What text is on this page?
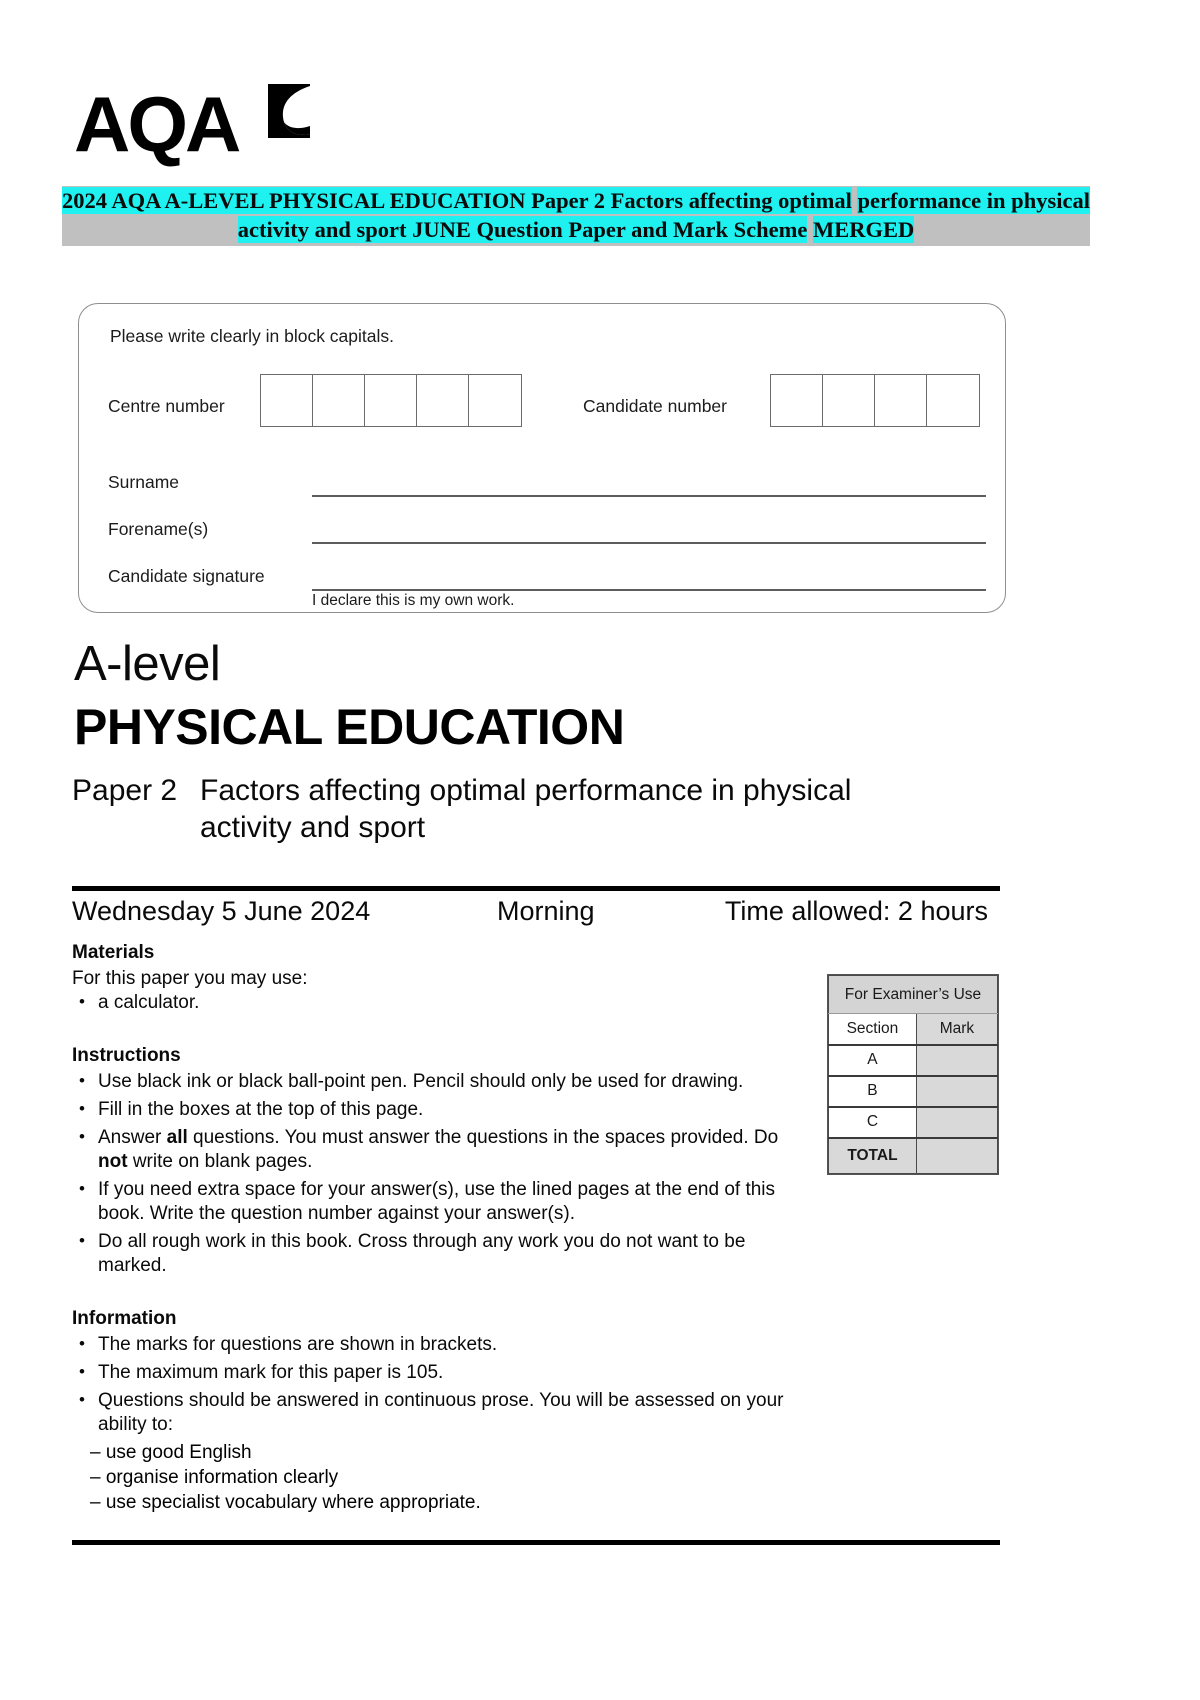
AQA
2024 AQA A-LEVEL PHYSICAL EDUCATION Paper 2 Factors affecting optimal performance in physical activity and sport JUNE Question Paper and Mark Scheme MERGED
Please write clearly in block capitals.
Centre number	Candidate number
Surname
Forename(s)
Candidate signature
I declare this is my own work.
A-level
PHYSICAL EDUCATION
Paper 2 Factors affecting optimal performance in physical activity and sport
Wednesday 5 June 2024	Morning	Time allowed: 2 hours
Materials

For this paper you may use:

• a calculator.
Instructions
• Use black ink or black ball-point pen. Pencil should only be used for drawing.
• Fill in the boxes at the top of this page.
• Answer all questions. You must answer the questions in the spaces provided. Do not write on blank pages.
• If you need extra space for your answer(s), use the lined pages at the end of this book. Write the question number against your answer(s).
• Do all rough work in this book. Cross through any work you do not want to be marked.
Information
• The marks for questions are shown in brackets.
• The maximum mark for this paper is 105.
• Questions should be answered in continuous prose. You will be assessed on your ability to:
– use good English
– organise information clearly
– use specialist vocabulary where appropriate.
For Examiner’s Use	
Section	Mark
A	
B	
C	
TOTAL	
